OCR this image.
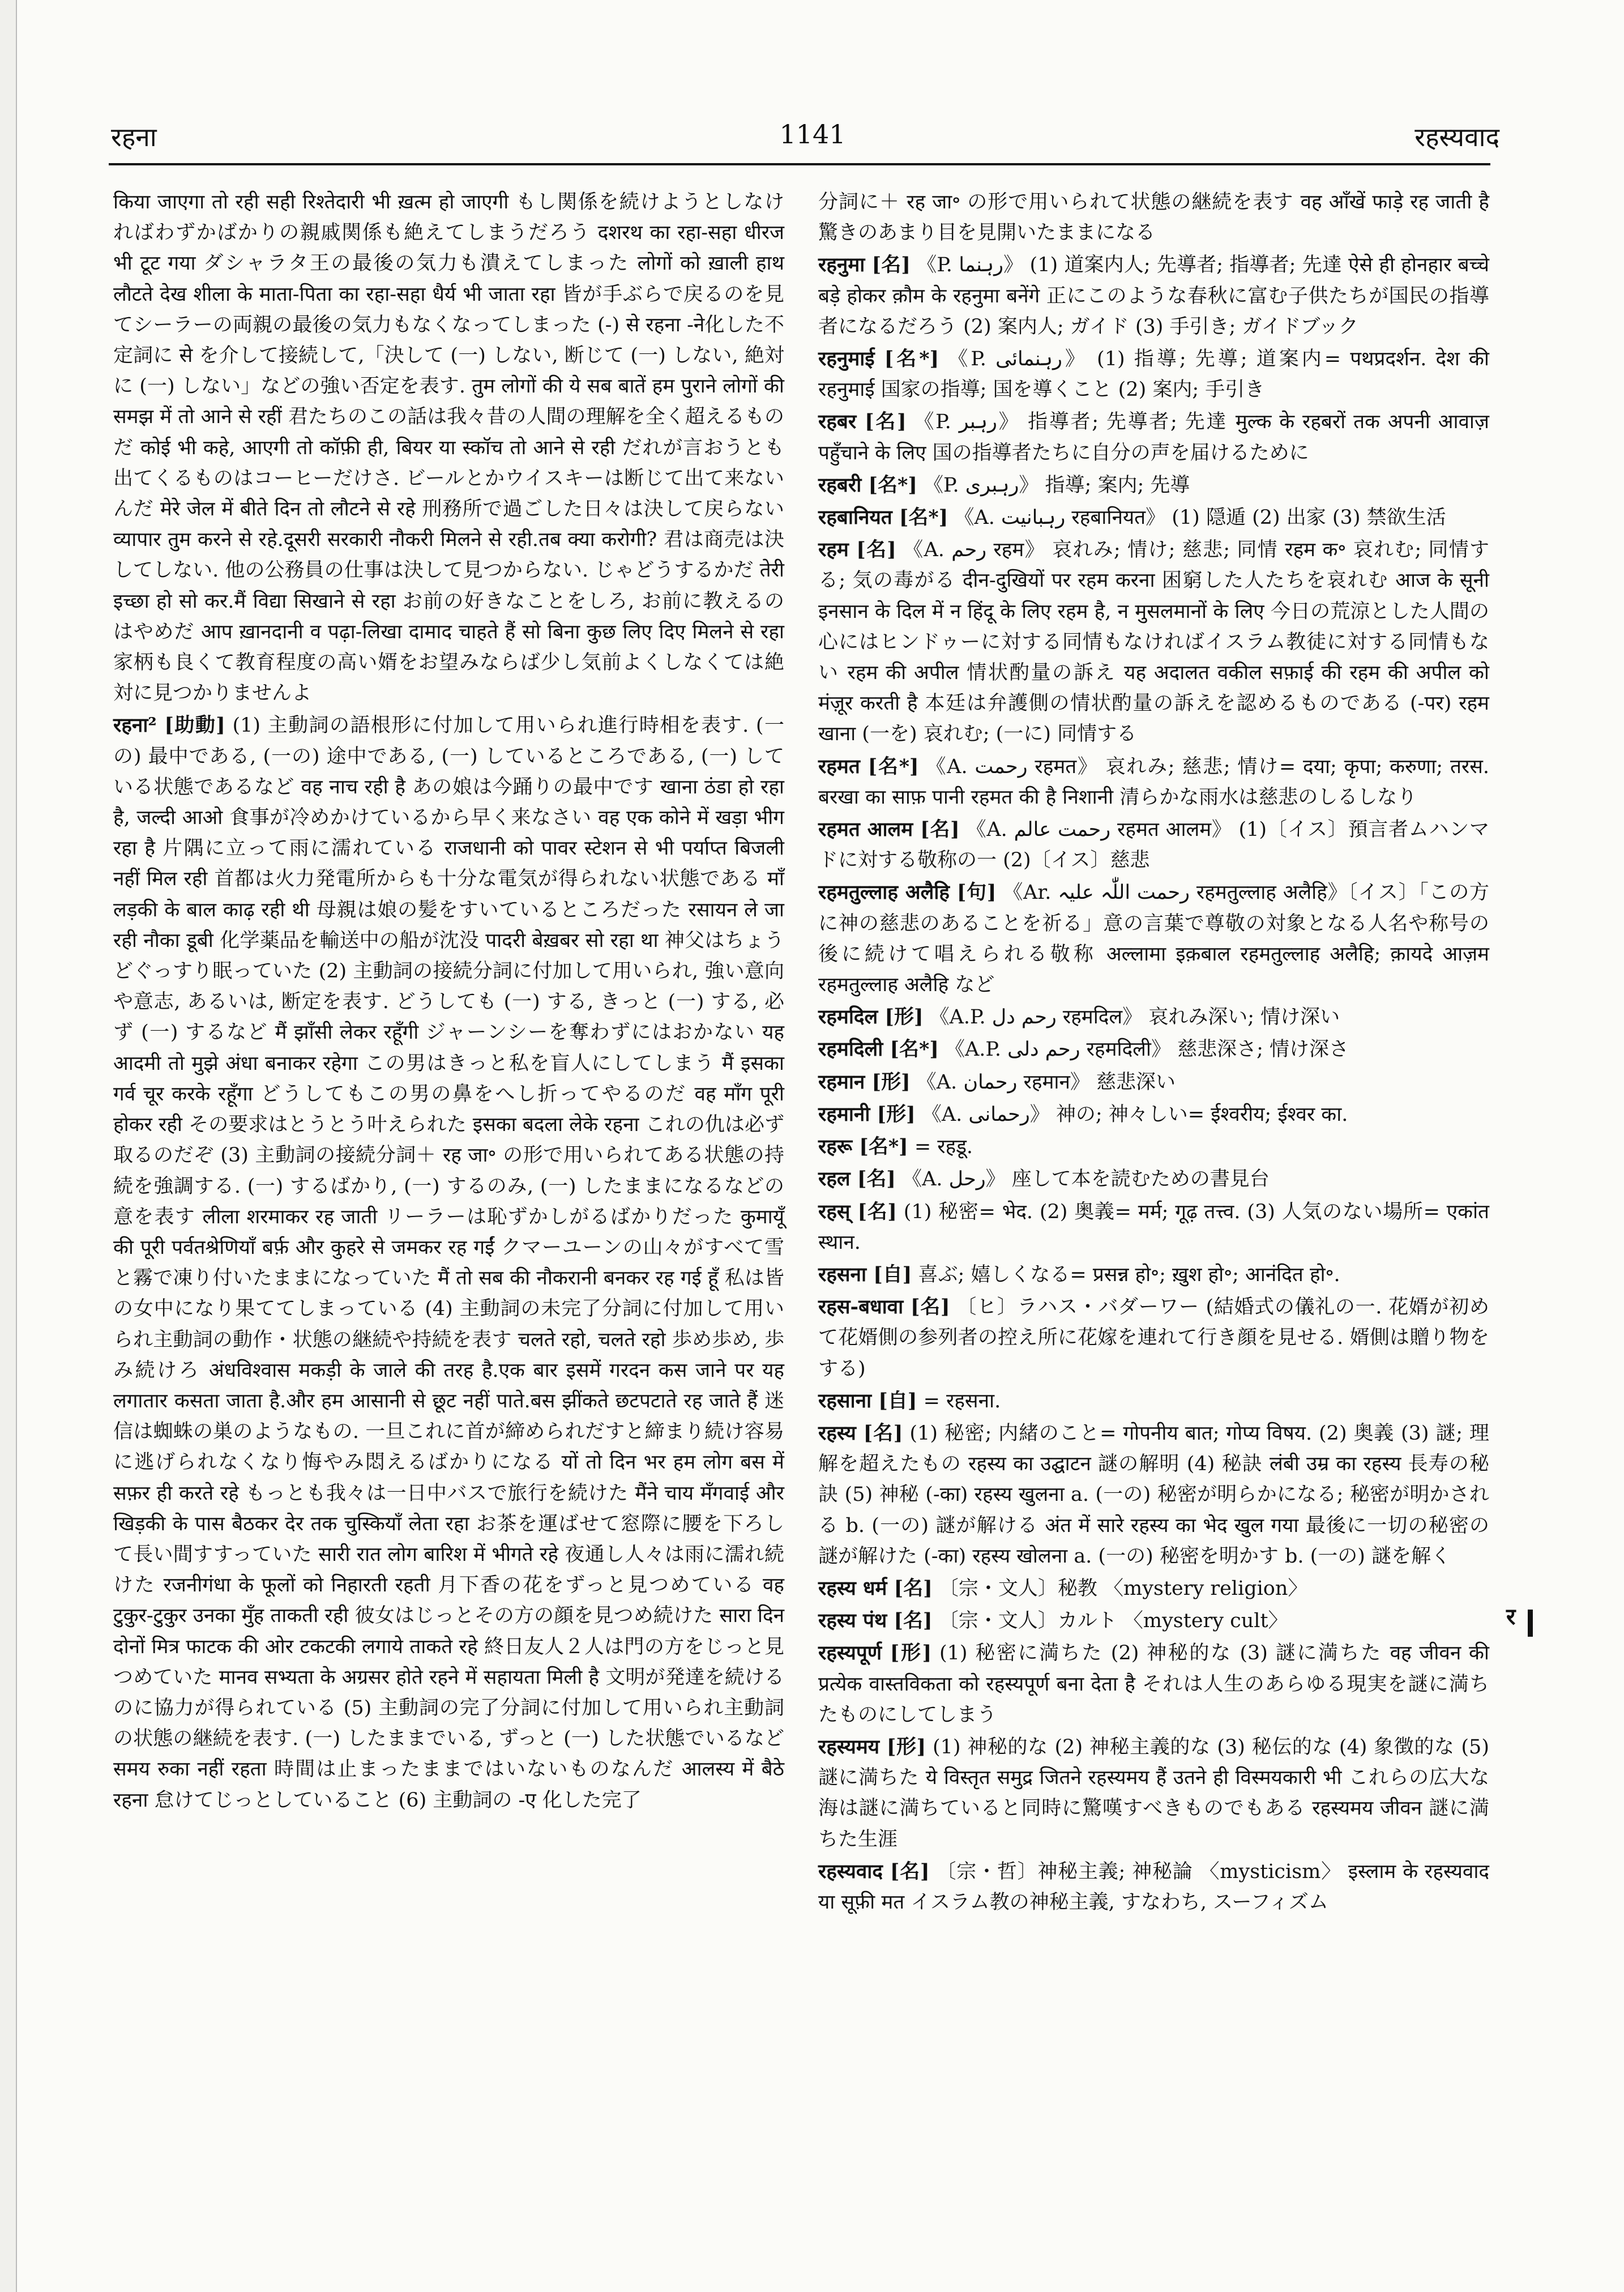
रहना	1141	रहस्यवाद

किया जाएगा तो रही सही रिश्तेदारी भी ख़त्म हो जाएगी もし関係を続けようとしなければわずかばかりの親戚関係も絶えてしまうだろう दशरथ का रहा-सहा धीरज भी टूट गया ダシャラタ王の最後の気力も潰えてしまった लोगों को ख़ाली हाथ लौटते देख शीला के माता-पिता का रहा-सहा धैर्य भी जाता रहा 皆が手ぶらで戻るのを見てシーラーの両親の最後の気力もなくなってしまった (-) से रहना -ने化した不定詞に से を介して接続して,「決して (一) しない, 断じて (一) しない, 絶対に (一) しない」などの強い否定を表す. तुम लोगों की ये सब बातें हम पुराने लोगों की समझ में तो आने से रहीं 君たちのこの話は我々昔の人間の理解を全く超えるものだ कोई भी कहे, आएगी तो कॉफ़ी ही, बियर या स्कॉच तो आने से रही だれが言おうとも出てくるものはコーヒーだけさ. ビールとかウイスキーは断じて出て来ないんだ मेरे जेल में बीते दिन तो लौटने से रहे 刑務所で過ごした日々は決して戻らない व्यापार तुम करने से रहे.दूसरी सरकारी नौकरी मिलने से रही.तब क्या करोगी? 君は商売は決してしない. 他の公務員の仕事は決して見つからない. じゃどうするかだ तेरी इच्छा हो सो कर.मैं विद्या सिखाने से रहा お前の好きなことをしろ, お前に教えるのはやめだ आप ख़ानदानी व पढ़ा-लिखा दामाद चाहते हैं सो बिना कुछ लिए दिए मिलने से रहा 家柄も良くて教育程度の高い婿をお望みならば少し気前よくしなくては絶対に見つかりませんよ

रहना² [助動] (1) 主動詞の語根形に付加して用いられ進行時相を表す. (一の) 最中である, (一の) 途中である, (一) しているところである, (一) している状態であるなど वह नाच रही है あの娘は今踊りの最中です खाना ठंडा हो रहा है, जल्दी आओ 食事が冷めかけているから早く来なさい वह एक कोने में खड़ा भीग रहा है 片隅に立って雨に濡れている राजधानी को पावर स्टेशन से भी पर्याप्त बिजली नहीं मिल रही 首都は火力発電所からも十分な電気が得られない状態である माँ लड़की के बाल काढ़ रही थी 母親は娘の髪をすいているところだった रसायन ले जा रही नौका डूबी 化学薬品を輸送中の船が沈没 पादरी बेख़बर सो रहा था 神父はちょうどぐっすり眠っていた (2) 主動詞の接続分詞に付加して用いられ, 強い意向や意志, あるいは, 断定を表す. どうしても (一) する, きっと (一) する, 必ず (一) するなど मैं झाँसी लेकर रहूँगी ジャーンシーを奪わずにはおかない यह आदमी तो मुझे अंधा बनाकर रहेगा この男はきっと私を盲人にしてしまう मैं इसका गर्व चूर करके रहूँगा どうしてもこの男の鼻をへし折ってやるのだ वह माँग पूरी होकर रही その要求はとうとう叶えられた इसका बदला लेके रहना これの仇は必ず取るのだぞ (3) 主動詞の接続分詞＋ रह जा॰ の形で用いられてある状態の持続を強調する. (一) するばかり, (一) するのみ, (一) したままになるなどの意を表す लीला शरमाकर रह जाती リーラーは恥ずかしがるばかりだった कुमायूँ की पूरी पर्वतश्रेणियाँ बर्फ़ और कुहरे से जमकर रह गईं クマーユーンの山々がすべて雪と霧で凍り付いたままになっていた मैं तो सब की नौकरानी बनकर रह गई हूँ 私は皆の女中になり果ててしまっている (4) 主動詞の未完了分詞に付加して用いられ主動詞の動作・状態の継続や持続を表す चलते रहो, चलते रहो 歩め歩め, 歩み続けろ अंधविश्वास मकड़ी के जाले की तरह है.एक बार इसमें गरदन कस जाने पर यह लगातार कसता जाता है.और हम आसानी से छूट नहीं पाते.बस झींकते छटपटाते रह जाते हैं 迷信は蜘蛛の巣のようなもの. 一旦これに首が締められだすと締まり続け容易に逃げられなくなり悔やみ悶えるばかりになる यों तो दिन भर हम लोग बस में सफ़र ही करते रहे もっとも我々は一日中バスで旅行を続けた मैंने चाय मँगवाई और खिड़की के पास बैठकर देर तक चुस्कियाँ लेता रहा お茶を運ばせて窓際に腰を下ろして長い間すすっていた सारी रात लोग बारिश में भीगते रहे 夜通し人々は雨に濡れ続けた रजनीगंधा के फूलों को निहारती रहती 月下香の花をずっと見つめている वह टुकुर-टुकुर उनका मुँह ताकती रही 彼女はじっとその方の顔を見つめ続けた सारा दिन दोनों मित्र फाटक की ओर टकटकी लगाये ताकते रहे 終日友人２人は門の方をじっと見つめていた मानव सभ्यता के अग्रसर होते रहने में सहायता मिली है 文明が発達を続けるのに協力が得られている (5) 主動詞の完了分詞に付加して用いられ主動詞の状態の継続を表す. (一) したままでいる, ずっと (一) した状態でいるなど समय रुका नहीं रहता 時間は止まったままではいないものなんだ आलस्य में बैठे रहना 怠けてじっとしていること (6) 主動詞の -ए 化した完了

分詞に＋ रह जा॰ の形で用いられて状態の継続を表す वह आँखें फाड़े रह जाती है 驚きのあまり目を見開いたままになる

रहनुमा [名] 《P. رہنما》 (1) 道案内人; 先導者; 指導者; 先達 ऐसे ही होनहार बच्चे बड़े होकर क़ौम के रहनुमा बनेंगे 正にこのような春秋に富む子供たちが国民の指導者になるだろう (2) 案内人; ガイド (3) 手引き; ガイドブック

रहनुमाई [名*] 《P. رہنمائی》 (1) 指導; 先導; 道案内= पथप्रदर्शन. देश की रहनुमाई 国家の指導; 国を導くこと (2) 案内; 手引き

रहबर [名] 《P. رہبر》 指導者; 先導者; 先達 मुल्क के रहबरों तक अपनी आवाज़ पहुँचाने के लिए 国の指導者たちに自分の声を届けるために

रहबरी [名*] 《P. رہبری》 指導; 案内; 先導

रहबानियत [名*] 《A. رہبانیت रहबानियत》 (1) 隠遁 (2) 出家 (3) 禁欲生活

रहम [名] 《A. رحم रहम》 哀れみ; 情け; 慈悲; 同情 रहम क॰ 哀れむ; 同情する; 気の毒がる दीन-दुखियों पर रहम करना 困窮した人たちを哀れむ आज के सूनी इनसान के दिल में न हिंदू के लिए रहम है, न मुसलमानों के लिए 今日の荒涼とした人間の心にはヒンドゥーに対する同情もなければイスラム教徒に対する同情もない रहम की अपील 情状酌量の訴え यह अदालत वकील सफ़ाई की रहम की अपील को मंज़ूर करती है 本廷は弁護側の情状酌量の訴えを認めるものである (-पर) रहम खाना (一を) 哀れむ; (一に) 同情する

रहमत [名*] 《A. رحمت रहमत》 哀れみ; 慈悲; 情け= दया; कृपा; करुणा; तरस. बरखा का साफ़ पानी रहमत की है निशानी 清らかな雨水は慈悲のしるしなり

रहमत आलम [名] 《A. رحمت عالم रहमत आलम》 (1)〔イス〕預言者ムハンマドに対する敬称の一 (2)〔イス〕慈悲

रहमतुल्लाह अलैहि [句] 《Ar. رحمت اللّٰہ علیہ रहमतुल्लाह अलैहि》〔イス〕「この方に神の慈悲のあることを祈る」意の言葉で尊敬の対象となる人名や称号の後に続けて唱えられる敬称 अल्लामा इक़बाल रहमतुल्लाह अलैहि; क़ायदे आज़म रहमतुल्लाह अलैहि など

रहमदिल [形] 《A.P. رحم دل रहमदिल》 哀れみ深い; 情け深い

रहमदिली [名*] 《A.P. رحم دلی रहमदिली》 慈悲深さ; 情け深さ

रहमान [形] 《A. رحمان रहमान》 慈悲深い

रहमानी [形] 《A. رحمانی》 神の; 神々しい= ईश्वरीय; ईश्वर का.

रहरू [名*] = रहडू.

रहल [名] 《A. رحل》 座して本を読むための書見台

रहस् [名] (1) 秘密= भेद. (2) 奥義= मर्म; गूढ़ तत्त्व. (3) 人気のない場所= एकांत स्थान.

रहसना [自] 喜ぶ; 嬉しくなる= प्रसन्न हो॰; ख़ुश हो॰; आनंदित हो॰.

रहस-बधावा [名] 〔ヒ〕ラハス・バダーワー (結婚式の儀礼の一. 花婿が初めて花婿側の参列者の控え所に花嫁を連れて行き顔を見せる. 婿側は贈り物をする)

रहसाना [自] = रहसना.

रहस्य [名] (1) 秘密; 内緒のこと= गोपनीय बात; गोप्य विषय. (2) 奥義 (3) 謎; 理解を超えたもの रहस्य का उद्घाटन 謎の解明 (4) 秘訣 लंबी उम्र का रहस्य 長寿の秘訣 (5) 神秘 (-का) रहस्य खुलना a. (一の) 秘密が明らかになる; 秘密が明かされる b. (一の) 謎が解ける अंत में सारे रहस्य का भेद खुल गया 最後に一切の秘密の謎が解けた (-का) रहस्य खोलना a. (一の) 秘密を明かす b. (一の) 謎を解く

रहस्य धर्म [名] 〔宗・文人〕秘教 〈mystery religion〉

रहस्य पंथ [名] 〔宗・文人〕カルト 〈mystery cult〉

रहस्यपूर्ण [形] (1) 秘密に満ちた (2) 神秘的な (3) 謎に満ちた वह जीवन की प्रत्येक वास्तविकता को रहस्यपूर्ण बना देता है それは人生のあらゆる現実を謎に満ちたものにしてしまう

रहस्यमय [形] (1) 神秘的な (2) 神秘主義的な (3) 秘伝的な (4) 象徴的な (5) 謎に満ちた ये विस्तृत समुद्र जितने रहस्यमय हैं उतने ही विस्मयकारी भी これらの広大な海は謎に満ちていると同時に驚嘆すべきものでもある रहस्यमय जीवन 謎に満ちた生涯

रहस्यवाद [名] 〔宗・哲〕神秘主義; 神秘論 〈mysticism〉 इस्लाम के रहस्यवाद या सूफ़ी मत イスラム教の神秘主義, すなわち, スーフィズム

र
